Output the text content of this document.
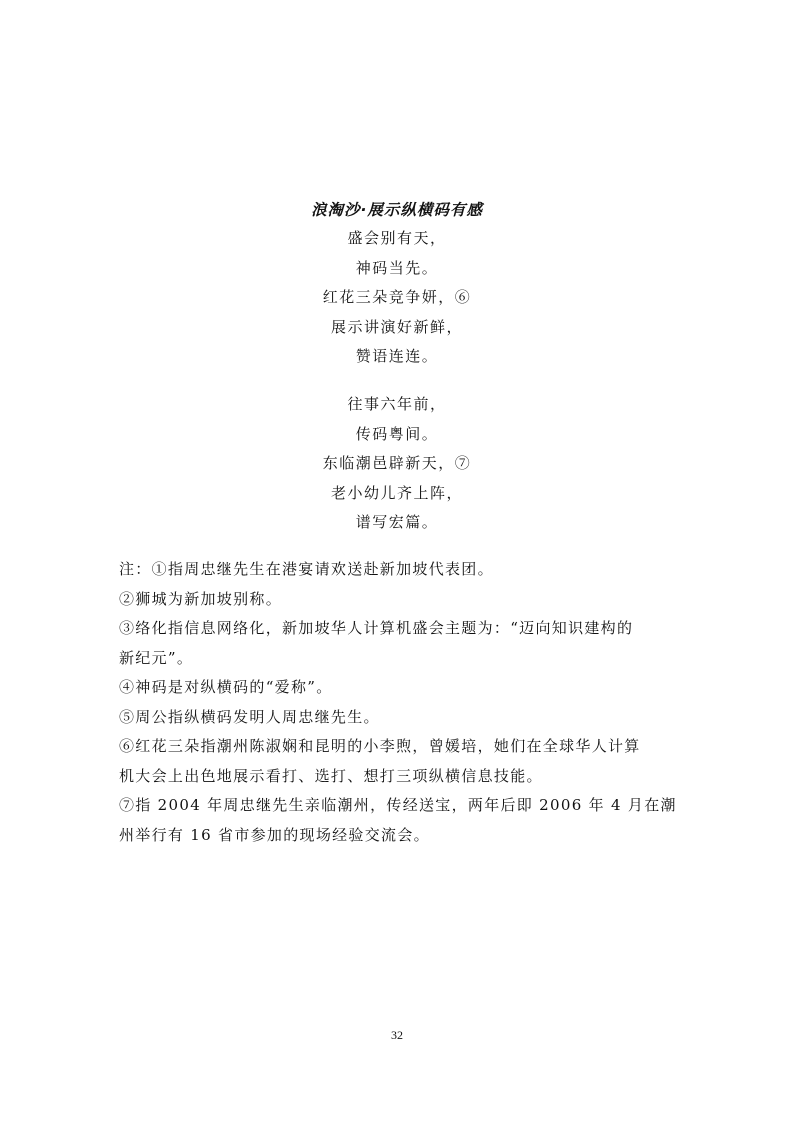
浪淘沙·展示纵横码有感
盛会别有天，
神码当先。
红花三朵竞争妍，⑥
展示讲演好新鲜，
赞语连连。
往事六年前，
传码粤间。
东临潮邑辟新天，⑦
老小幼儿齐上阵，
谱写宏篇。
注：①指周忠继先生在港宴请欢送赴新加坡代表团。
②狮城为新加坡别称。
③络化指信息网络化，新加坡华人计算机盛会主题为：“迈向知识建构的
新纪元”。
④神码是对纵横码的“爱称”。
⑤周公指纵横码发明人周忠继先生。
⑥红花三朵指潮州陈淑娴和昆明的小李煦，曾媛培，她们在全球华人计算
机大会上出色地展示看打、选打、想打三项纵横信息技能。
⑦指 2004 年周忠继先生亲临潮州，传经送宝，两年后即 2006 年 4 月在潮
州举行有 16 省市参加的现场经验交流会。
32
